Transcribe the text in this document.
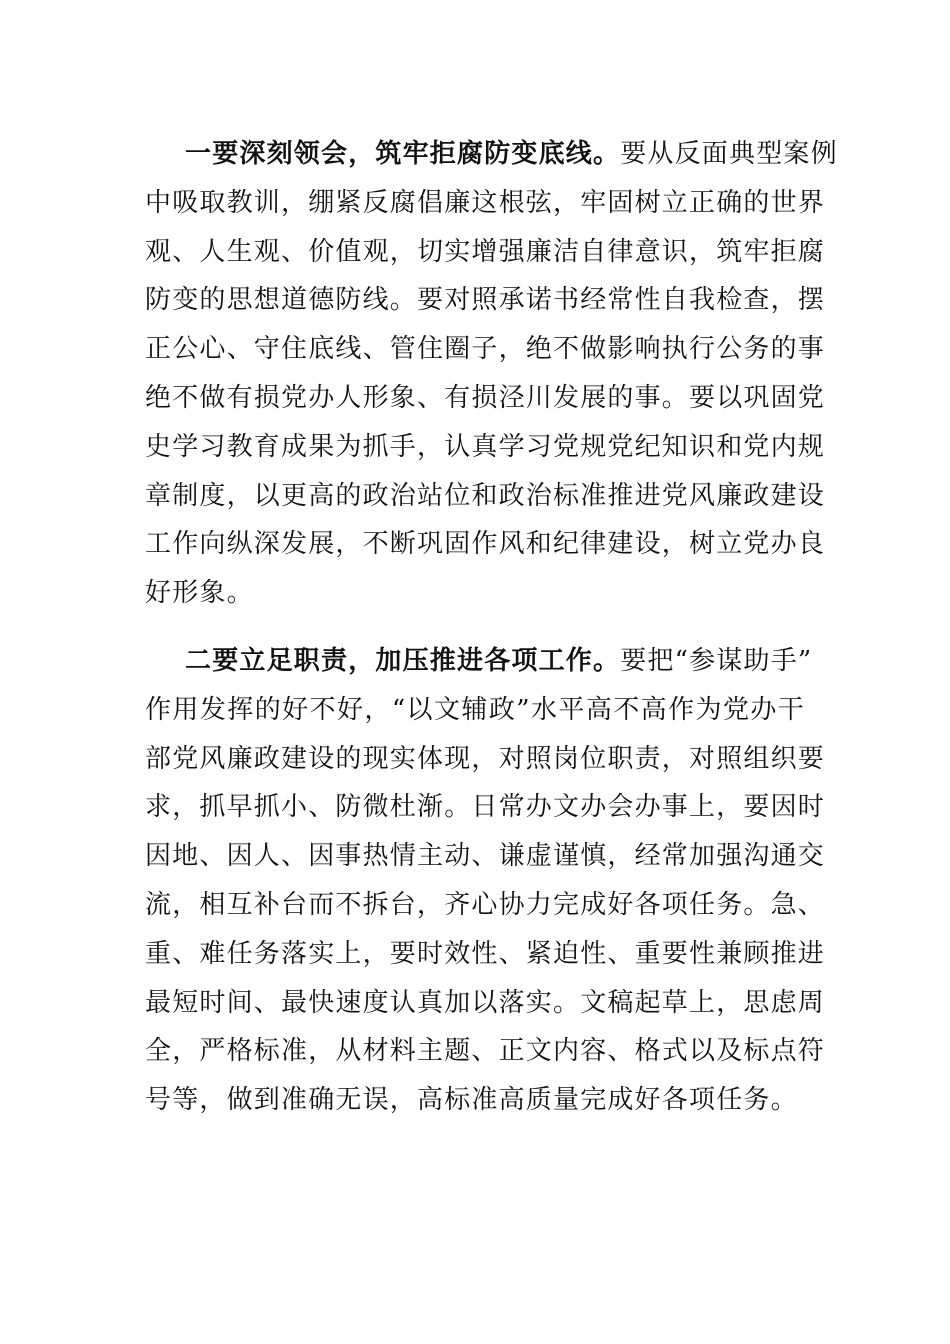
一要深刻领会，筑牢拒腐防变底线。要从反面典型案例
中吸取教训，绷紧反腐倡廉这根弦，牢固树立正确的世界
观、人生观、价值观，切实增强廉洁自律意识，筑牢拒腐
防变的思想道德防线。要对照承诺书经常性自我检查，摆
正公心、守住底线、管住圈子，绝不做影响执行公务的事
绝不做有损党办人形象、有损泾川发展的事。要以巩固党
史学习教育成果为抓手，认真学习党规党纪知识和党内规
章制度，以更高的政治站位和政治标准推进党风廉政建设
工作向纵深发展，不断巩固作风和纪律建设，树立党办良
好形象。
二要立足职责，加压推进各项工作。要把“参谋助手”
作用发挥的好不好，“以文辅政”水平高不高作为党办干
部党风廉政建设的现实体现，对照岗位职责，对照组织要
求，抓早抓小、防微杜渐。日常办文办会办事上，要因时
因地、因人、因事热情主动、谦虚谨慎，经常加强沟通交
流，相互补台而不拆台，齐心协力完成好各项任务。急、
重、难任务落实上，要时效性、紧迫性、重要性兼顾推进
最短时间、最快速度认真加以落实。文稿起草上，思虑周
全，严格标准，从材料主题、正文内容、格式以及标点符
号等，做到准确无误，高标准高质量完成好各项任务。
